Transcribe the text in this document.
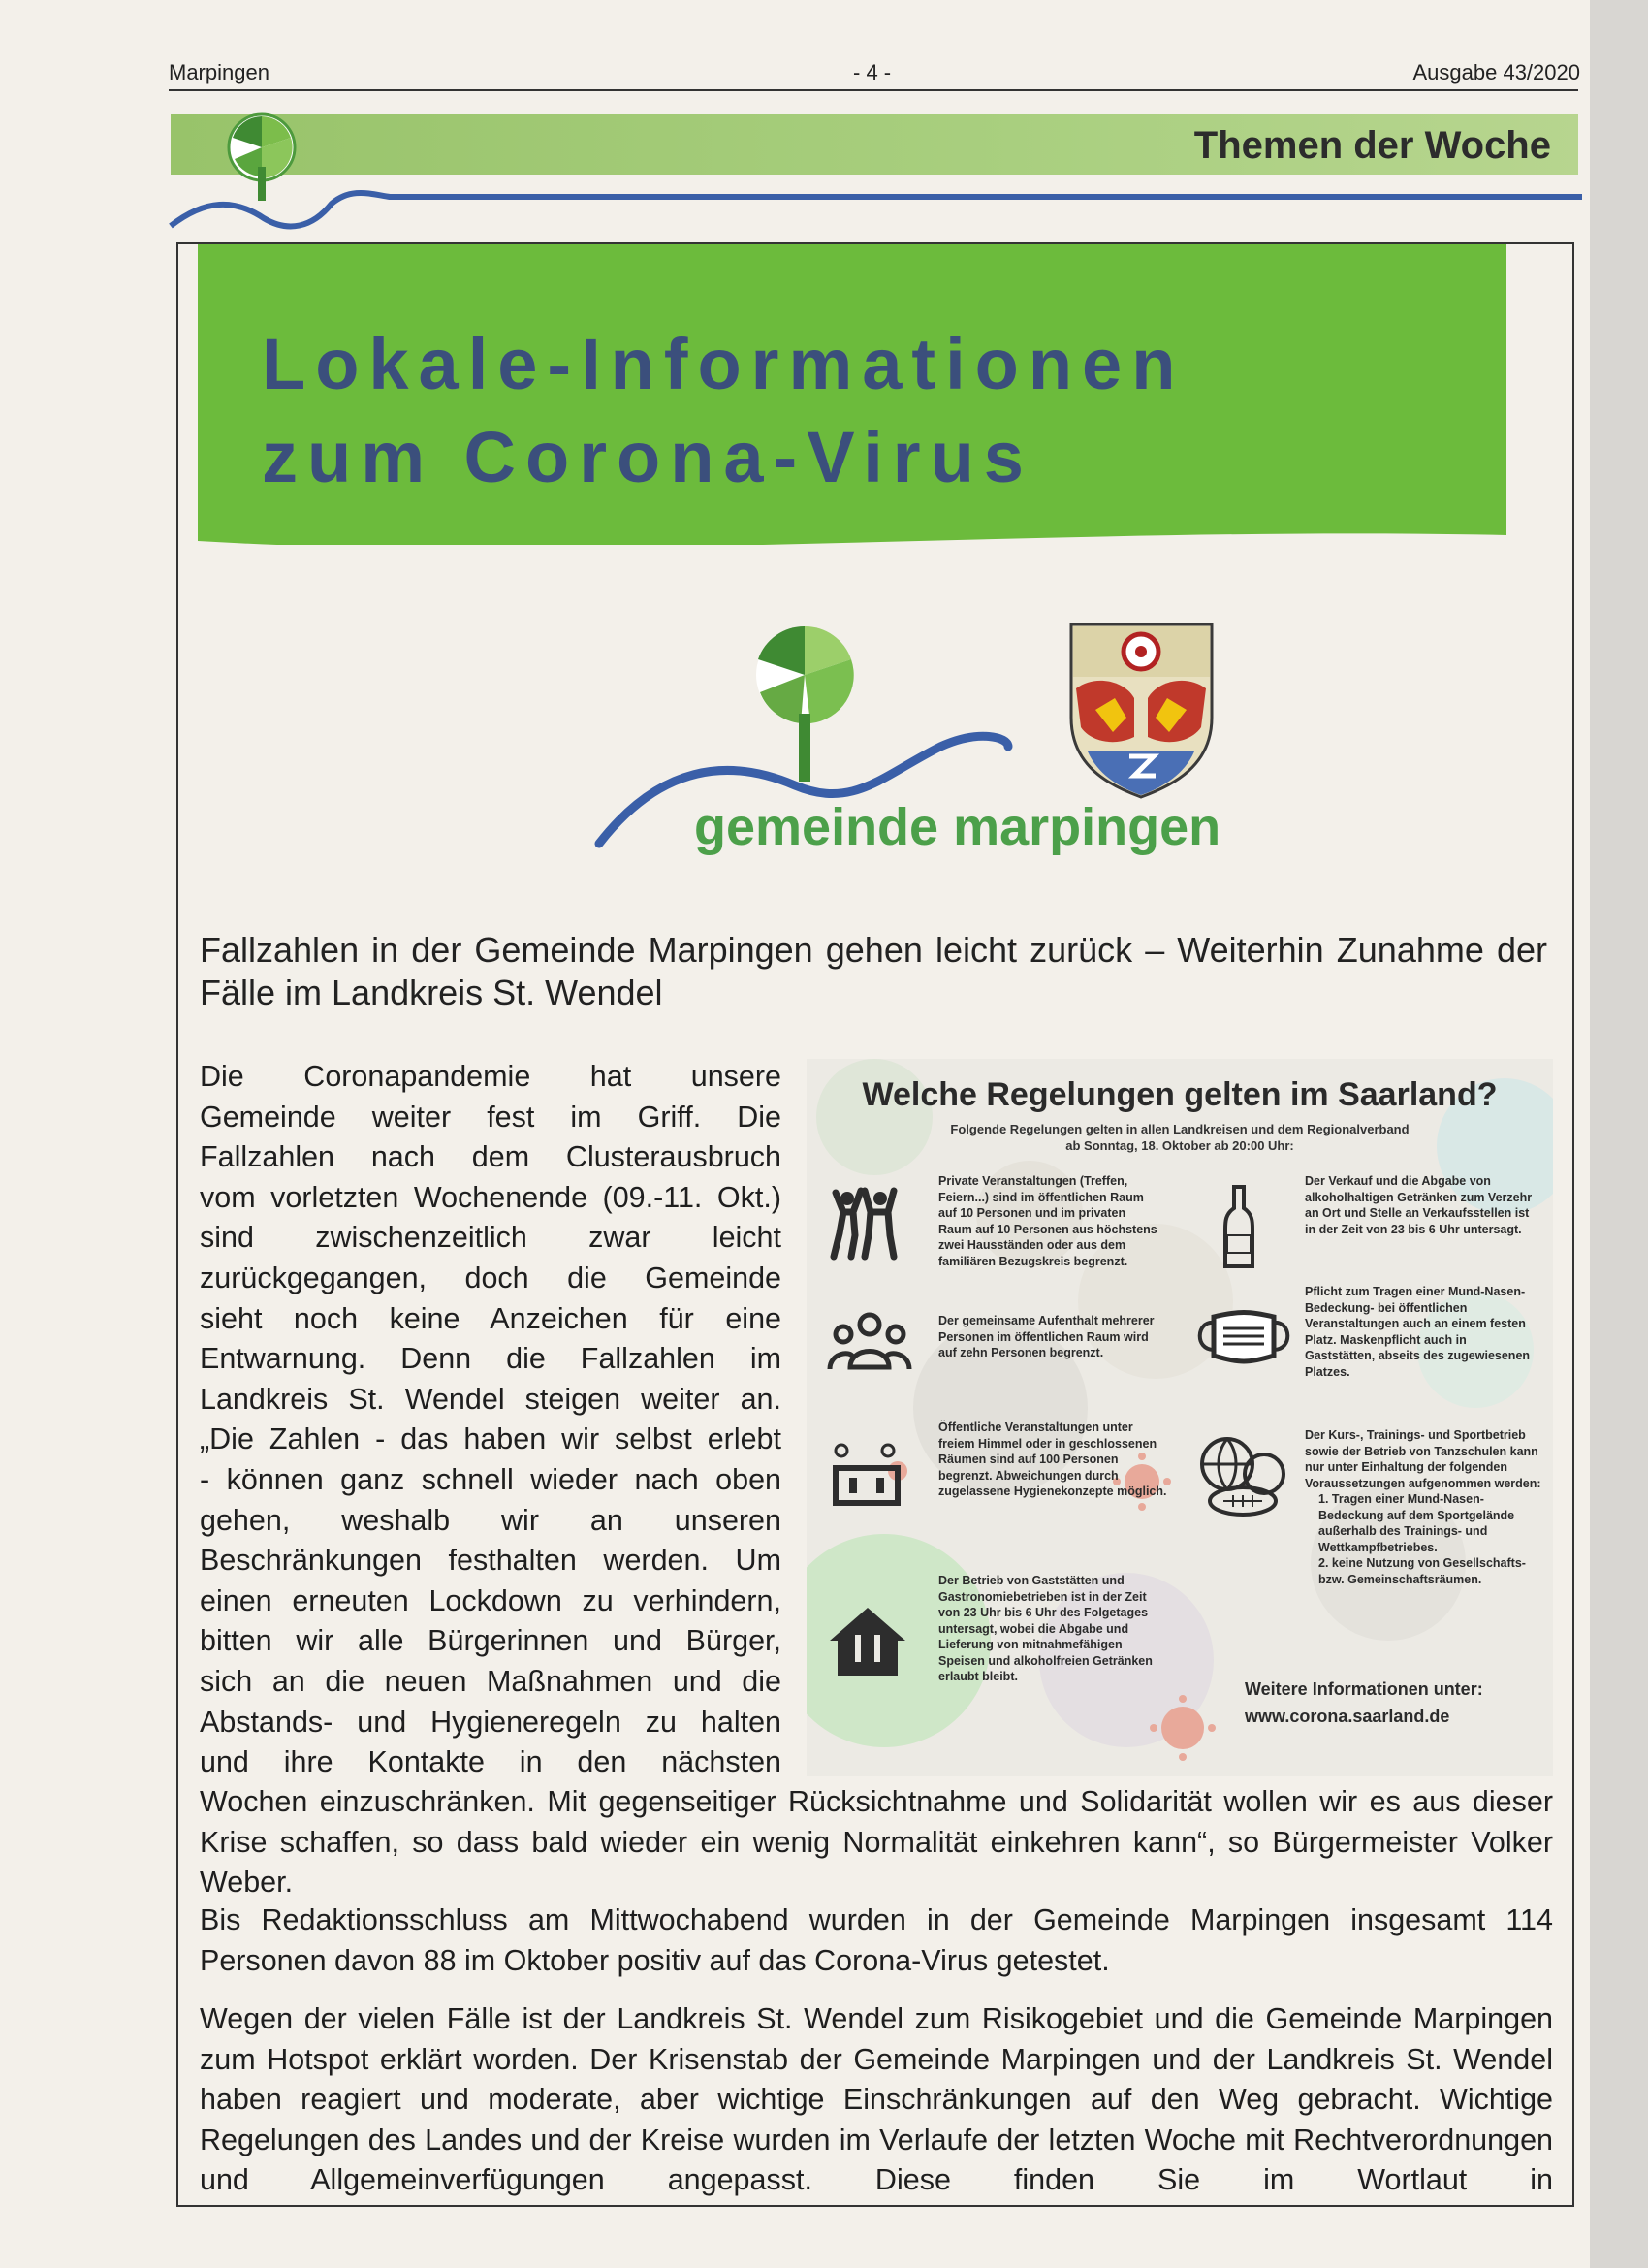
Marpingen	- 4 -	Ausgabe 43/2020
Themen der Woche
Lokale-Informationen
zum Corona-Virus
gemeinde marpingen
Fallzahlen in der Gemeinde Marpingen gehen leicht zurück – Weiterhin Zunahme der Fälle im Landkreis St. Wendel
Die Coronapandemie hat unsere
Gemeinde weiter fest im Griff. Die
Fallzahlen nach dem Clusterausbruch
vom vorletzten Wochenende (09.-11. Okt.)
sind zwischenzeitlich zwar leicht
zurückgegangen, doch die Gemeinde
sieht noch keine Anzeichen für eine
Entwarnung. Denn die Fallzahlen im
Landkreis St. Wendel steigen weiter an.
„Die Zahlen - das haben wir selbst erlebt
- können ganz schnell wieder nach oben
gehen, weshalb wir an unseren
Beschränkungen festhalten werden. Um
einen erneuten Lockdown zu verhindern,
bitten wir alle Bürgerinnen und Bürger,
sich an die neuen Maßnahmen und die
Abstands- und Hygieneregeln zu halten
und ihre Kontakte in den nächsten
Welche Regelungen gelten im Saarland?
Folgende Regelungen gelten in allen Landkreisen und dem Regionalverband
ab Sonntag, 18. Oktober ab 20:00 Uhr:
Private Veranstaltungen (Treffen, Feiern...) sind im öffentlichen Raum auf 10 Personen und im privaten Raum auf 10 Personen aus höchstens zwei Hausständen oder aus dem familiären Bezugskreis begrenzt.
Der gemeinsame Aufenthalt mehrerer Personen im öffentlichen Raum wird auf zehn Personen begrenzt.
Öffentliche Veranstaltungen unter freiem Himmel oder in geschlossenen Räumen sind auf 100 Personen begrenzt. Abweichungen durch zugelassene Hygienekonzepte möglich.
Der Betrieb von Gaststätten und Gastronomiebetrieben ist in der Zeit von 23 Uhr bis 6 Uhr des Folgetages untersagt, wobei die Abgabe und Lieferung von mitnahmefähigen Speisen und alkoholfreien Getränken erlaubt bleibt.
Der Verkauf und die Abgabe von alkoholhaltigen Getränken zum Verzehr an Ort und Stelle an Verkaufsstellen ist in der Zeit von 23 bis 6 Uhr untersagt.
Pflicht zum Tragen einer Mund-Nasen-Bedeckung- bei öffentlichen Veranstaltungen auch an einem festen Platz. Maskenpflicht auch in Gaststätten, abseits des zugewiesenen Platzes.
Der Kurs-, Trainings- und Sportbetrieb sowie der Betrieb von Tanzschulen kann nur unter Einhaltung der folgenden Voraussetzungen aufgenommen werden:
1. Tragen einer Mund-Nasen-Bedeckung auf dem Sportgelände außerhalb des Trainings- und Wettkampfbetriebes.
2. keine Nutzung von Gesellschafts- bzw. Gemeinschaftsräumen.
Weitere Informationen unter:
www.corona.saarland.de
Wochen einzuschränken. Mit gegenseitiger Rücksichtnahme und Solidarität wollen wir es aus dieser Krise schaffen, so dass bald wieder ein wenig Normalität einkehren kann“, so Bürgermeister Volker Weber.
Bis Redaktionsschluss am Mittwochabend wurden in der Gemeinde Marpingen insgesamt 114 Personen davon 88 im Oktober positiv auf das Corona-Virus getestet.
Wegen der vielen Fälle ist der Landkreis St. Wendel zum Risikogebiet und die Gemeinde Marpingen zum Hotspot erklärt worden. Der Krisenstab der Gemeinde Marpingen und der Landkreis St. Wendel haben reagiert und moderate, aber wichtige Einschränkungen auf den Weg gebracht. Wichtige Regelungen des Landes und der Kreise wurden im Verlaufe der letzten Woche mit Rechtverordnungen und Allgemeinverfügungen angepasst. Diese finden Sie im Wortlaut in
